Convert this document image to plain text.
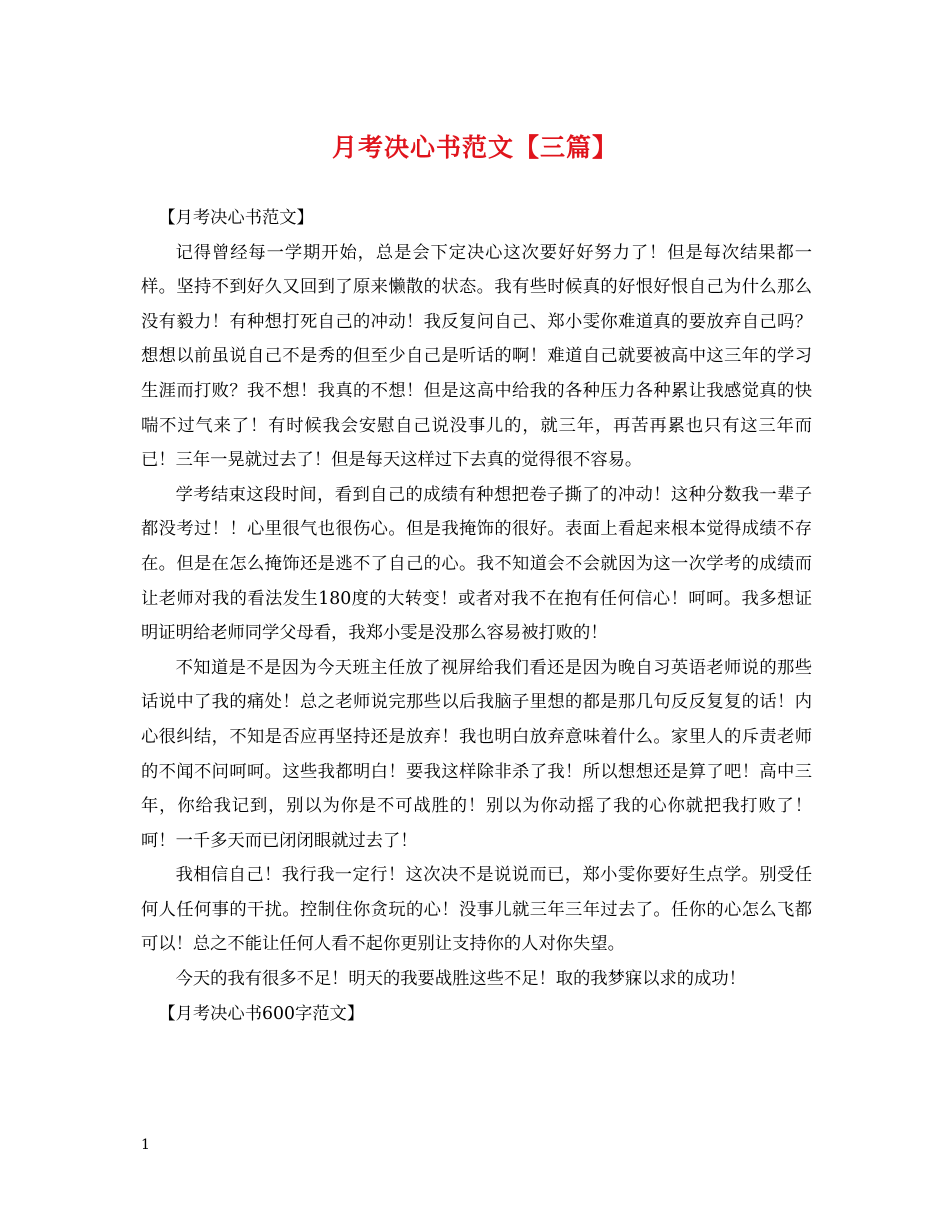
月考决心书范文【三篇】

【月考决心书范文】

记得曾经每一学期开始，总是会下定决心这次要好好努力了！但是每次结果都一样。坚持不到好久又回到了原来懒散的状态。我有些时候真的好恨好恨自己为什么那么没有毅力！有种想打死自己的冲动！我反复问自己、郑小雯你难道真的要放弃自己吗？想想以前虽说自己不是秀的但至少自己是听话的啊！难道自己就要被高中这三年的学习生涯而打败？我不想！我真的不想！但是这高中给我的各种压力各种累让我感觉真的快喘不过气来了！有时候我会安慰自己说没事儿的，就三年，再苦再累也只有这三年而已！三年一晃就过去了！但是每天这样过下去真的觉得很不容易。

学考结束这段时间，看到自己的成绩有种想把卷子撕了的冲动！这种分数我一辈子都没考过！！心里很气也很伤心。但是我掩饰的很好。表面上看起来根本觉得成绩不存在。但是在怎么掩饰还是逃不了自己的心。我不知道会不会就因为这一次学考的成绩而让老师对我的看法发生180度的大转变！或者对我不在抱有任何信心！呵呵。我多想证明证明给老师同学父母看，我郑小雯是没那么容易被打败的！

不知道是不是因为今天班主任放了视屏给我们看还是因为晚自习英语老师说的那些话说中了我的痛处！总之老师说完那些以后我脑子里想的都是那几句反反复复的话！内心很纠结，不知是否应再坚持还是放弃！我也明白放弃意味着什么。家里人的斥责老师的不闻不问呵呵。这些我都明白！要我这样除非杀了我！所以想想还是算了吧！高中三年，你给我记到，别以为你是不可战胜的！别以为你动摇了我的心你就把我打败了！呵！一千多天而已闭闭眼就过去了！

我相信自己！我行我一定行！这次决不是说说而已，郑小雯你要好生点学。别受任何人任何事的干扰。控制住你贪玩的心！没事儿就三年三年过去了。任你的心怎么飞都可以！总之不能让任何人看不起你更别让支持你的人对你失望。

今天的我有很多不足！明天的我要战胜这些不足！取的我梦寐以求的成功！

【月考决心书600字范文】

1
